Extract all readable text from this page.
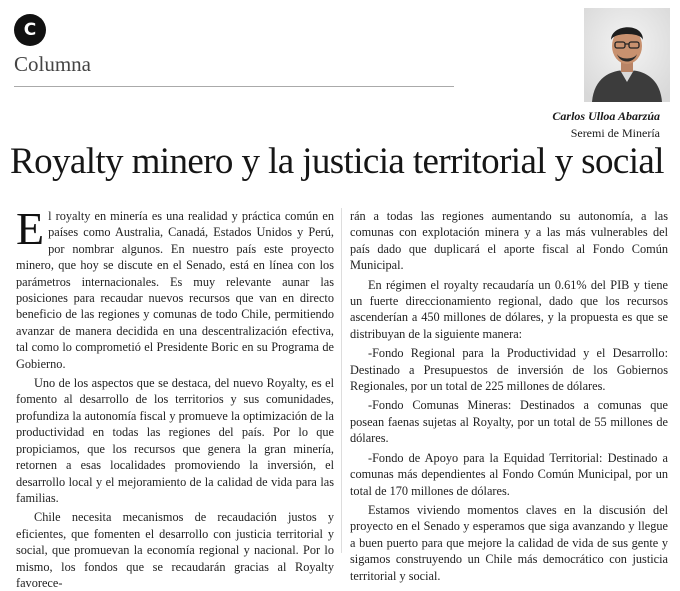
C
Columna
Carlos Ulloa Abarzúa
Seremi de Minería
Royalty minero y la justicia territorial y social

El royalty en minería es una realidad y práctica común en países como Australia, Canadá, Estados Unidos y Perú, por nombrar algunos. En nuestro país este proyecto minero, que hoy se discute en el Senado, está en línea con los parámetros internacionales. Es muy relevante aunar las posiciones para recaudar nuevos recursos que van en directo beneficio de las regiones y comunas de todo Chile, permitiendo avanzar de manera decidida en una descentralización efectiva, tal como lo comprometió el Presidente Boric en su Programa de Gobierno.

Uno de los aspectos que se destaca, del nuevo Royalty, es el fomento al desarrollo de los territorios y sus comunidades, profundiza la autonomía fiscal y promueve la optimización de la productividad en todas las regiones del país. Por lo que propiciamos, que los recursos que genera la gran minería, retornen a esas localidades promoviendo la inversión, el desarrollo local y el mejoramiento de la calidad de vida para las familias.

Chile necesita mecanismos de recaudación justos y eficientes, que fomenten el desarrollo con justicia territorial y social, que promuevan la economía regional y nacional. Por lo mismo, los fondos que se recaudarán gracias al Royalty favorece-

rán a todas las regiones aumentando su autonomía, a las comunas con explotación minera y a las más vulnerables del país dado que duplicará el aporte fiscal al Fondo Común Municipal.

En régimen el royalty recaudaría un 0.61% del PIB y tiene un fuerte direccionamiento regional, dado que los recursos ascenderían a 450 millones de dólares, y la propuesta es que se distribuyan de la siguiente manera:

-Fondo Regional para la Productividad y el Desarrollo: Destinado a Presupuestos de inversión de los Gobiernos Regionales, por un total de 225 millones de dólares.

-Fondo Comunas Mineras: Destinados a comunas que posean faenas sujetas al Royalty, por un total de 55 millones de dólares.

-Fondo de Apoyo para la Equidad Territorial: Destinado a comunas más dependientes al Fondo Común Municipal, por un total de 170 millones de dólares.

Estamos viviendo momentos claves en la discusión del proyecto en el Senado y esperamos que siga avanzando y llegue a buen puerto para que mejore la calidad de vida de sus gente y sigamos construyendo un Chile más democrático con justicia territorial y social.
